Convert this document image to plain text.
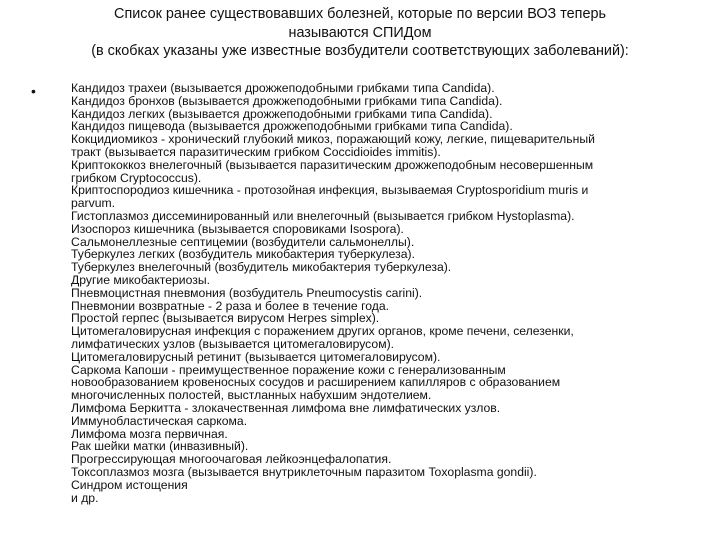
Список ранее существовавших болезней, которые по версии ВОЗ теперь
называются СПИДом
(в скобках указаны уже известные возбудители соответствующих заболеваний):
•	Кандидоз трахеи (вызывается дрожжеподобными грибками типа Candida).
Кандидоз бронхов (вызывается дрожжеподобными грибками типа Candida).
Кандидоз легких (вызывается дрожжеподобными грибками типа Candida).
Кандидоз пищевода (вызывается дрожжеподобными грибками типа Candida).
Кокцидиомикоз - хронический глубокий микоз, поражающий кожу, легкие, пищеварительный
тракт (вызывается паразитическим грибком Coccidioides immitis).
Криптококкоз внелегочный (вызывается паразитическим дрожжеподобным несовершенным
грибком Cryptococcus).
Криптоспородиоз кишечника - протозойная инфекция, вызываемая Cryptosporidium muris и
parvum.
Гистоплазмоз диссеминированный или внелегочный (вызывается грибком Hystoplasma).
Изоспороз кишечника (вызывается споровиками Isospora).
Сальмонеллезные септицемии (возбудители сальмонеллы).
Туберкулез легких (возбудитель микобактерия туберкулеза).
Туберкулез внелегочный (возбудитель микобактерия туберкулеза).
Другие микобактериозы.
Пневмоцистная пневмония (возбудитель Pneumocystis carini).
Пневмонии возвратные - 2 раза и более в течение года.
Простой герпес (вызывается вирусом Herpes simplex).
Цитомегаловирусная инфекция с поражением других органов, кроме печени, селезенки,
лимфатических узлов (вызывается цитомегаловирусом).
Цитомегаловирусный ретинит (вызывается цитомегаловирусом).
Саркома Капоши - преимущественное поражение кожи с генерализованным
новообразованием кровеносных сосудов и расширением капилляров с образованием
многочисленных полостей, выстланных набухшим эндотелием.
Лимфома Беркитта - злокачественная лимфома вне лимфатических узлов.
Иммунобластическая саркома.
Лимфома мозга первичная.
Рак шейки матки (инвазивный).
Прогрессирующая многоочаговая лейкоэнцефалопатия.
Токсоплазмоз мозга (вызывается внутриклеточным паразитом Toxoplasma gondii).
Синдром истощения
и др.
